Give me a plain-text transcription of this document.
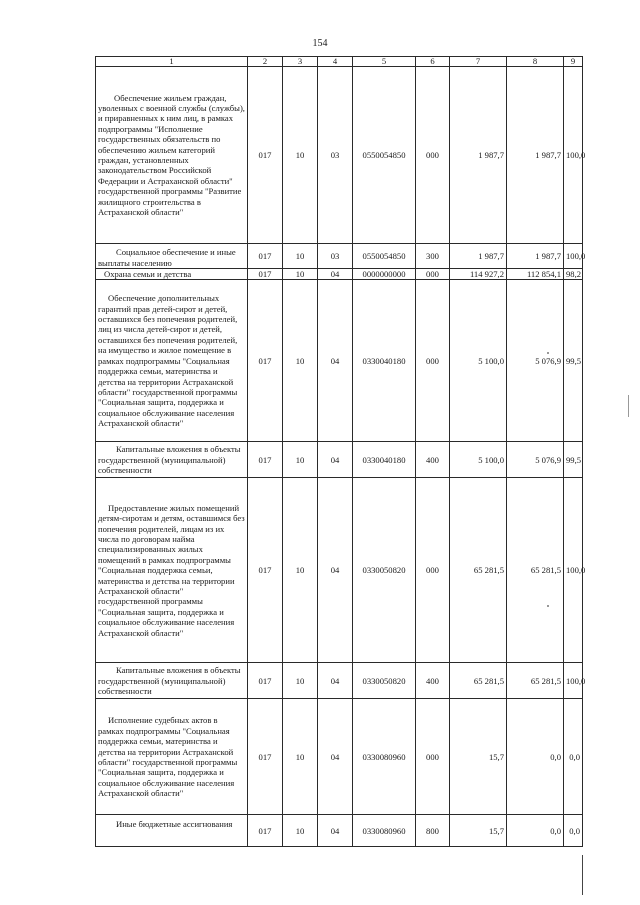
154
1	2	3	4	5	6	7	8	9
Обеспечение жильем граждан, уволенных с военной службы (службы), и приравненных к ним лиц, в рамках подпрограммы "Исполнение государственных обязательств по обеспечению жильем категорий граждан, установленных законодательством Российской Федерации и Астраханской области" государственной программы "Развитие жилищного строительства в Астраханской области"	017	10	03	0550054850	000	1 987,7	1 987,7	100,0
Социальное обеспечение и иные выплаты населению	017	10	03	0550054850	300	1 987,7	1 987,7	100,0
Охрана семьи и детства	017	10	04	0000000000	000	114 927,2	112 854,1	98,2
Обеспечение дополнительных гарантий прав детей-сирот и детей, оставшихся без попечения родителей, лиц из числа детей-сирот и детей, оставшихся без попечения родителей, на имущество и жилое помещение в рамках подпрограммы "Социальная поддержка семьи, материнства и детства на территории Астраханской области" государственной программы "Социальная защита, поддержка и социальное обслуживание населения Астраханской области"	017	10	04	0330040180	000	5 100,0	5 076,9	99,5
Капитальные вложения в объекты государственной (муниципальной) собственности	017	10	04	0330040180	400	5 100,0	5 076,9	99,5
Предоставление жилых помещений детям-сиротам и детям, оставшимся без попечения родителей, лицам из их числа по договорам найма специализированных жилых помещений в рамках подпрограммы "Социальная поддержка семьи, материнства и детства на территории Астраханской области" государственной программы "Социальная защита, поддержка и социальное обслуживание населения Астраханской области"	017	10	04	0330050820	000	65 281,5	65 281,5	100,0
Капитальные вложения в объекты государственной (муниципальной) собственности	017	10	04	0330050820	400	65 281,5	65 281,5	100,0
Исполнение судебных актов в рамках подпрограммы "Социальная поддержка семьи, материнства и детства на территории Астраханской области" государственной программы "Социальная защита, поддержка и социальное обслуживание населения Астраханской области"	017	10	04	0330080960	000	15,7	0,0	0,0
Иные бюджетные ассигнования	017	10	04	0330080960	800	15,7	0,0	0,0
